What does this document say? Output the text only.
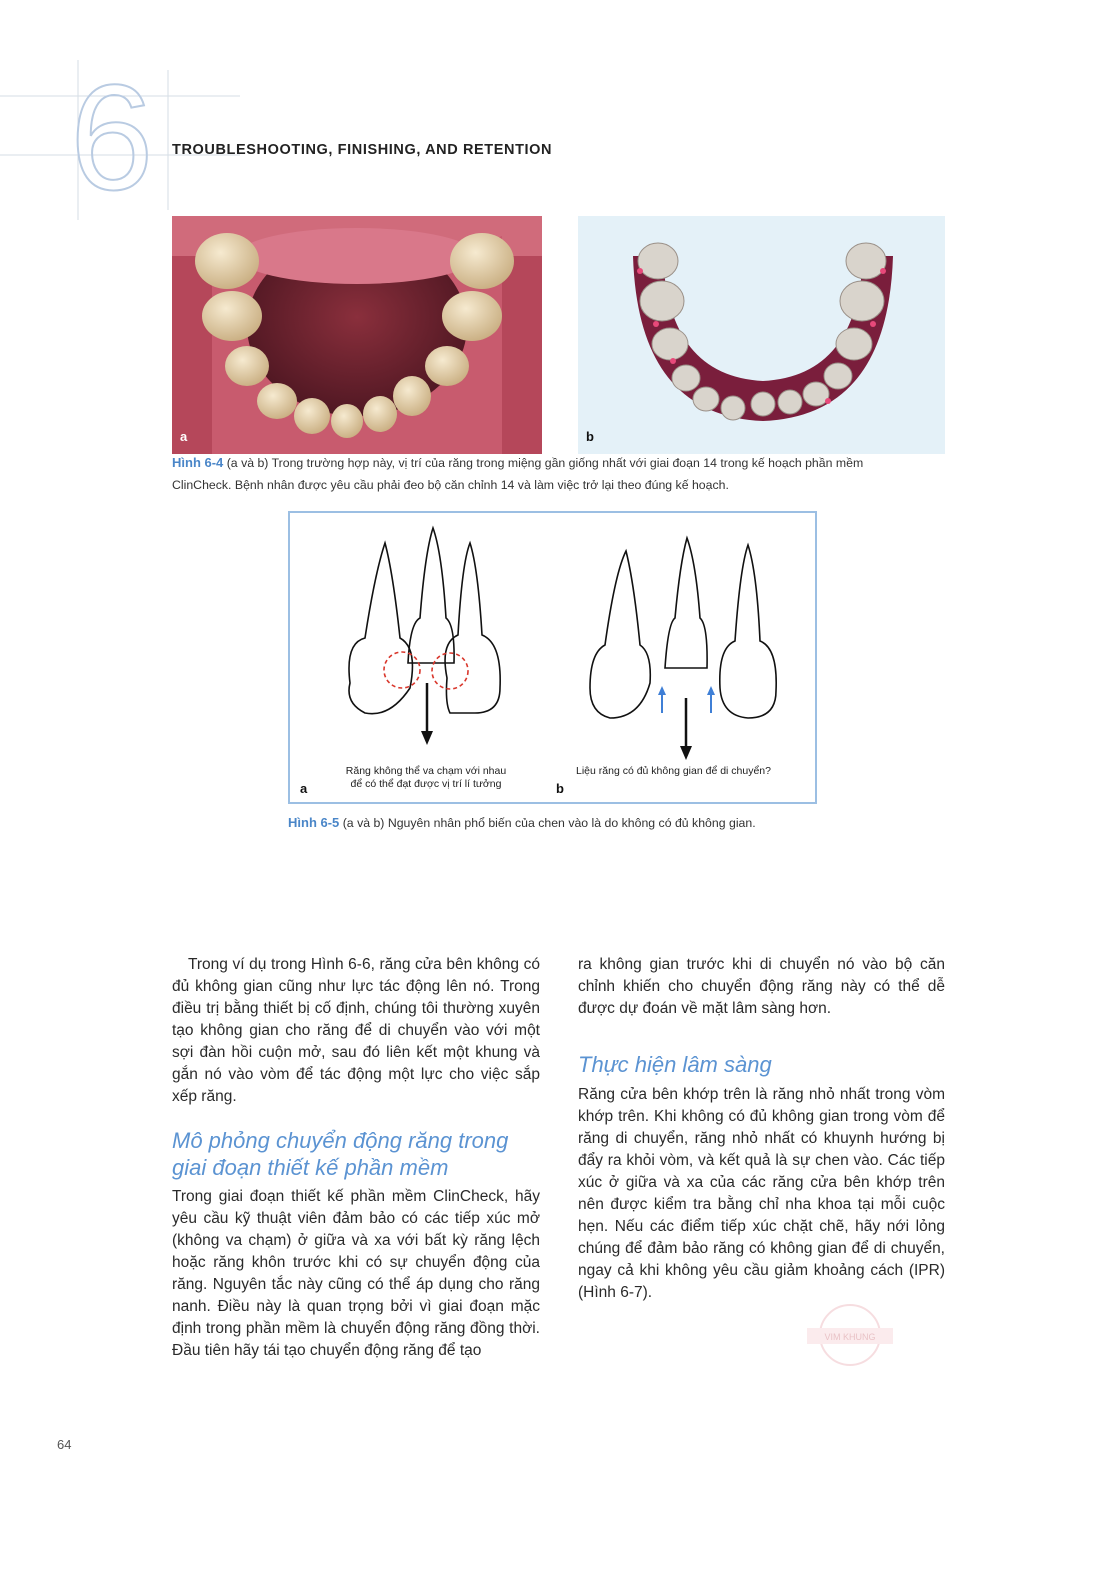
6 TROUBLESHOOTING, FINISHING, AND RETENTION
a	b
Hình 6-4 (a và b) Trong trường hợp này, vị trí của răng trong miệng gần giống nhất với giai đoạn 14 trong kế hoạch phần mềm ClinCheck. Bệnh nhân được yêu cầu phải đeo bộ căn chỉnh 14 và làm việc trở lại theo đúng kế hoạch.
Răng không thể va chạm với nhau
để có thể đạt được vị trí lí tưởng
Liệu răng có đủ không gian để di chuyển?
a	b
Hình 6-5 (a và b) Nguyên nhân phổ biến của chen vào là do không có đủ không gian.

Trong ví dụ trong Hình 6-6, răng cửa bên không có đủ không gian cũng như lực tác động lên nó. Trong điều trị bằng thiết bị cố định, chúng tôi thường xuyên tạo không gian cho răng để di chuyển vào với một sợi đàn hồi cuộn mở, sau đó liên kết một khung và gắn nó vào vòm để tác động một lực cho việc sắp xếp răng.

Mô phỏng chuyển động răng trong
giai đoạn thiết kế phần mềm

Trong giai đoạn thiết kế phần mềm ClinCheck, hãy yêu cầu kỹ thuật viên đảm bảo có các tiếp xúc mở (không va chạm) ở giữa và xa với bất kỳ răng lệch hoặc răng khôn trước khi có sự chuyển động của răng. Nguyên tắc này cũng có thể áp dụng cho răng nanh. Điều này là quan trọng bởi vì giai đoạn mặc định trong phần mềm là chuyển động răng đồng thời. Đầu tiên hãy tái tạo chuyển động răng để tạo

ra không gian trước khi di chuyển nó vào bộ căn chỉnh khiến cho chuyển động răng này có thể dễ được dự đoán về mặt lâm sàng hơn.

Thực hiện lâm sàng

Răng cửa bên khớp trên là răng nhỏ nhất trong vòm khớp trên. Khi không có đủ không gian trong vòm để răng di chuyển, răng nhỏ nhất có khuynh hướng bị đẩy ra khỏi vòm, và kết quả là sự chen vào. Các tiếp xúc ở giữa và xa của các răng cửa bên khớp trên nên được kiểm tra bằng chỉ nha khoa tại mỗi cuộc hẹn. Nếu các điểm tiếp xúc chặt chẽ, hãy nới lỏng chúng để đảm bảo răng có không gian để di chuyển, ngay cả khi không yêu cầu giảm khoảng cách (IPR) (Hình 6-7).

VIM KHUNG
64
